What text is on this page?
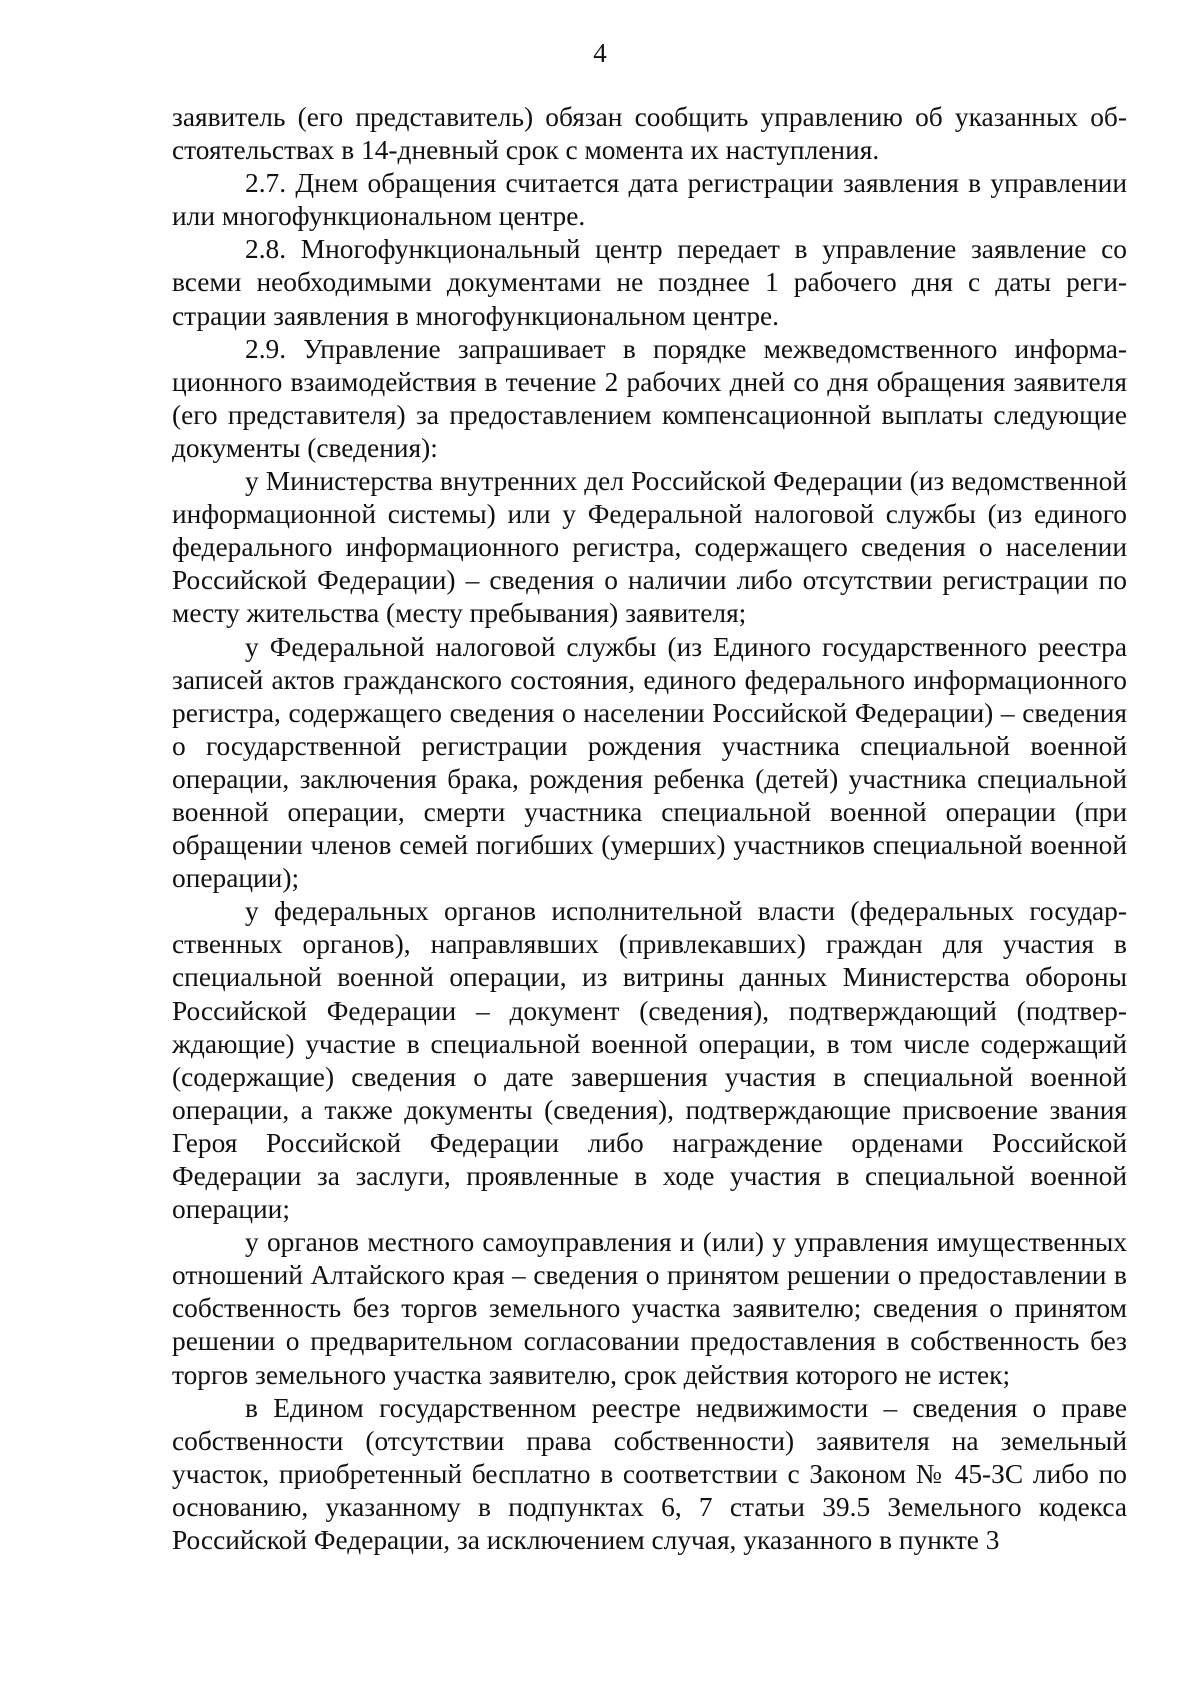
4

заявитель (его представитель) обязан сообщить управлению об указанных обстоятельствах в 14-дневный срок с момента их наступления.

2.7. Днем обращения считается дата регистрации заявления в управлении или многофункциональном центре.

2.8. Многофункциональный центр передает в управление заявление со всеми необходимыми документами не позднее 1 рабочего дня с даты регистрации заявления в многофункциональном центре.

2.9. Управление запрашивает в порядке межведомственного информационного взаимодействия в течение 2 рабочих дней со дня обращения заявителя (его представителя) за предоставлением компенсационной выплаты следующие документы (сведения):

у Министерства внутренних дел Российской Федерации (из ведомственной информационной системы) или у Федеральной налоговой службы (из единого федерального информационного регистра, содержащего сведения о населении Российской Федерации) – сведения о наличии либо отсутствии регистрации по месту жительства (месту пребывания) заявителя;

у Федеральной налоговой службы (из Единого государственного реестра записей актов гражданского состояния, единого федерального информационного регистра, содержащего сведения о населении Российской Федерации) – сведения о государственной регистрации рождения участника специальной военной операции, заключения брака, рождения ребенка (детей) участника специальной военной операции, смерти участника специальной военной операции (при обращении членов семей погибших (умерших) участников специальной военной операции);

у федеральных органов исполнительной власти (федеральных государственных органов), направлявших (привлекавших) граждан для участия в специальной военной операции, из витрины данных Министерства обороны Российской Федерации – документ (сведения), подтверждающий (подтверждающие) участие в специальной военной операции, в том числе содержащий (содержащие) сведения о дате завершения участия в специальной военной операции, а также документы (сведения), подтверждающие присвоение звания Героя Российской Федерации либо награждение орденами Российской Федерации за заслуги, проявленные в ходе участия в специальной военной операции;

у органов местного самоуправления и (или) у управления имущественных отношений Алтайского края – сведения о принятом решении о предоставлении в собственность без торгов земельного участка заявителю; сведения о принятом решении о предварительном согласовании предоставления в собственность без торгов земельного участка заявителю, срок действия которого не истек;

в Едином государственном реестре недвижимости – сведения о праве собственности (отсутствии права собственности) заявителя на земельный участок, приобретенный бесплатно в соответствии с Законом № 45-ЗС либо по основанию, указанному в подпунктах 6, 7 статьи 39.5 Земельного кодекса Российской Федерации, за исключением случая, указанного в пункте 3
